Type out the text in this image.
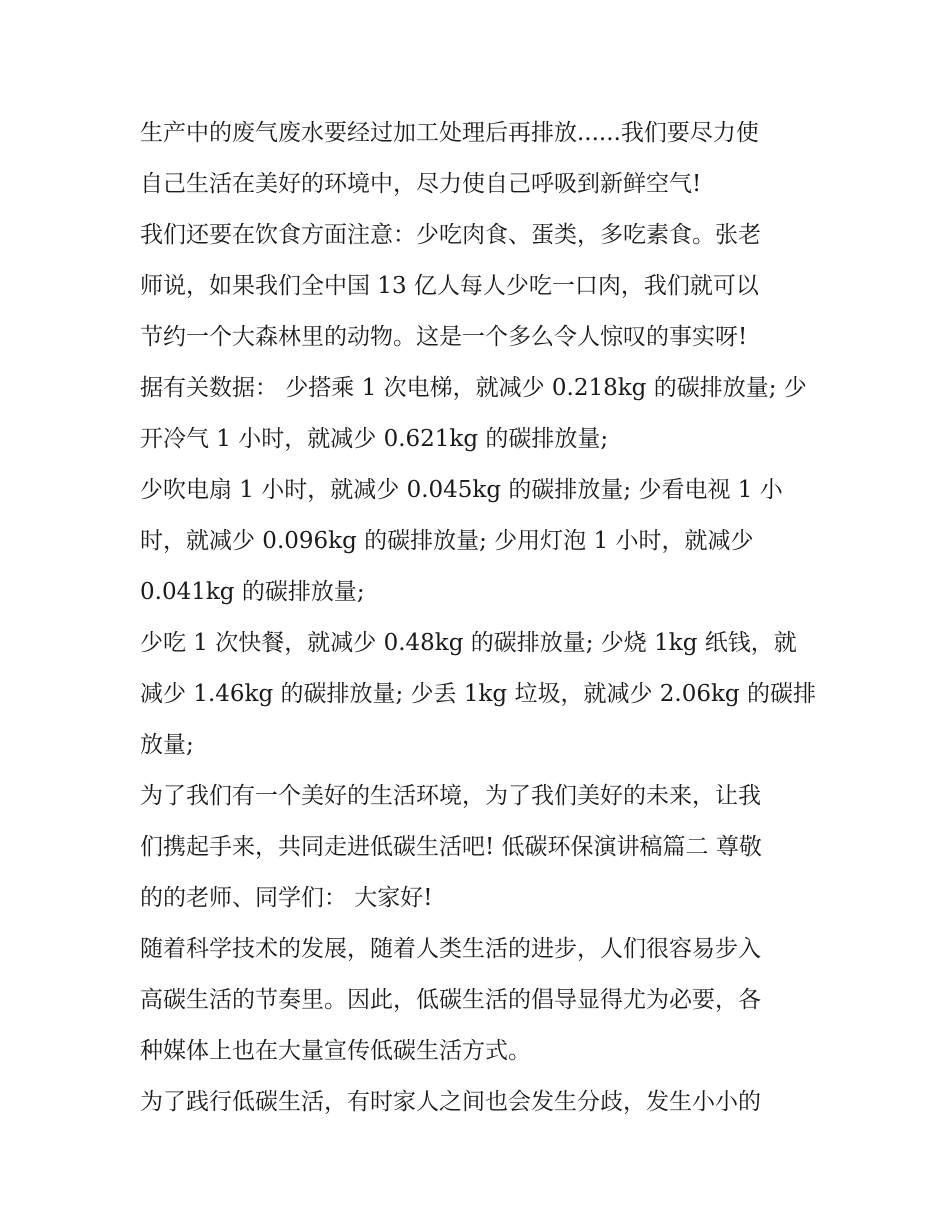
生产中的废气废水要经过加工处理后再排放......我们要尽力使
自己生活在美好的环境中，尽力使自己呼吸到新鲜空气!
我们还要在饮食方面注意：少吃肉食、蛋类，多吃素食。张老
师说，如果我们全中国 13 亿人每人少吃一口肉，我们就可以
节约一个大森林里的动物。这是一个多么令人惊叹的事实呀!
据有关数据： 少搭乘 1 次电梯，就减少 0.218kg 的碳排放量; 少
开冷气 1 小时，就减少 0.621kg 的碳排放量;
少吹电扇 1 小时，就减少 0.045kg 的碳排放量; 少看电视 1 小
时，就减少 0.096kg 的碳排放量; 少用灯泡 1 小时，就减少
0.041kg 的碳排放量;
少吃 1 次快餐，就减少 0.48kg 的碳排放量; 少烧 1kg 纸钱，就
减少 1.46kg 的碳排放量; 少丢 1kg 垃圾，就减少 2.06kg 的碳排
放量;
为了我们有一个美好的生活环境，为了我们美好的未来，让我
们携起手来，共同走进低碳生活吧! 低碳环保演讲稿篇二 尊敬
的的老师、同学们： 大家好!
随着科学技术的发展，随着人类生活的进步，人们很容易步入
高碳生活的节奏里。因此，低碳生活的倡导显得尤为必要，各
种媒体上也在大量宣传低碳生活方式。
为了践行低碳生活，有时家人之间也会发生分歧，发生小小的
